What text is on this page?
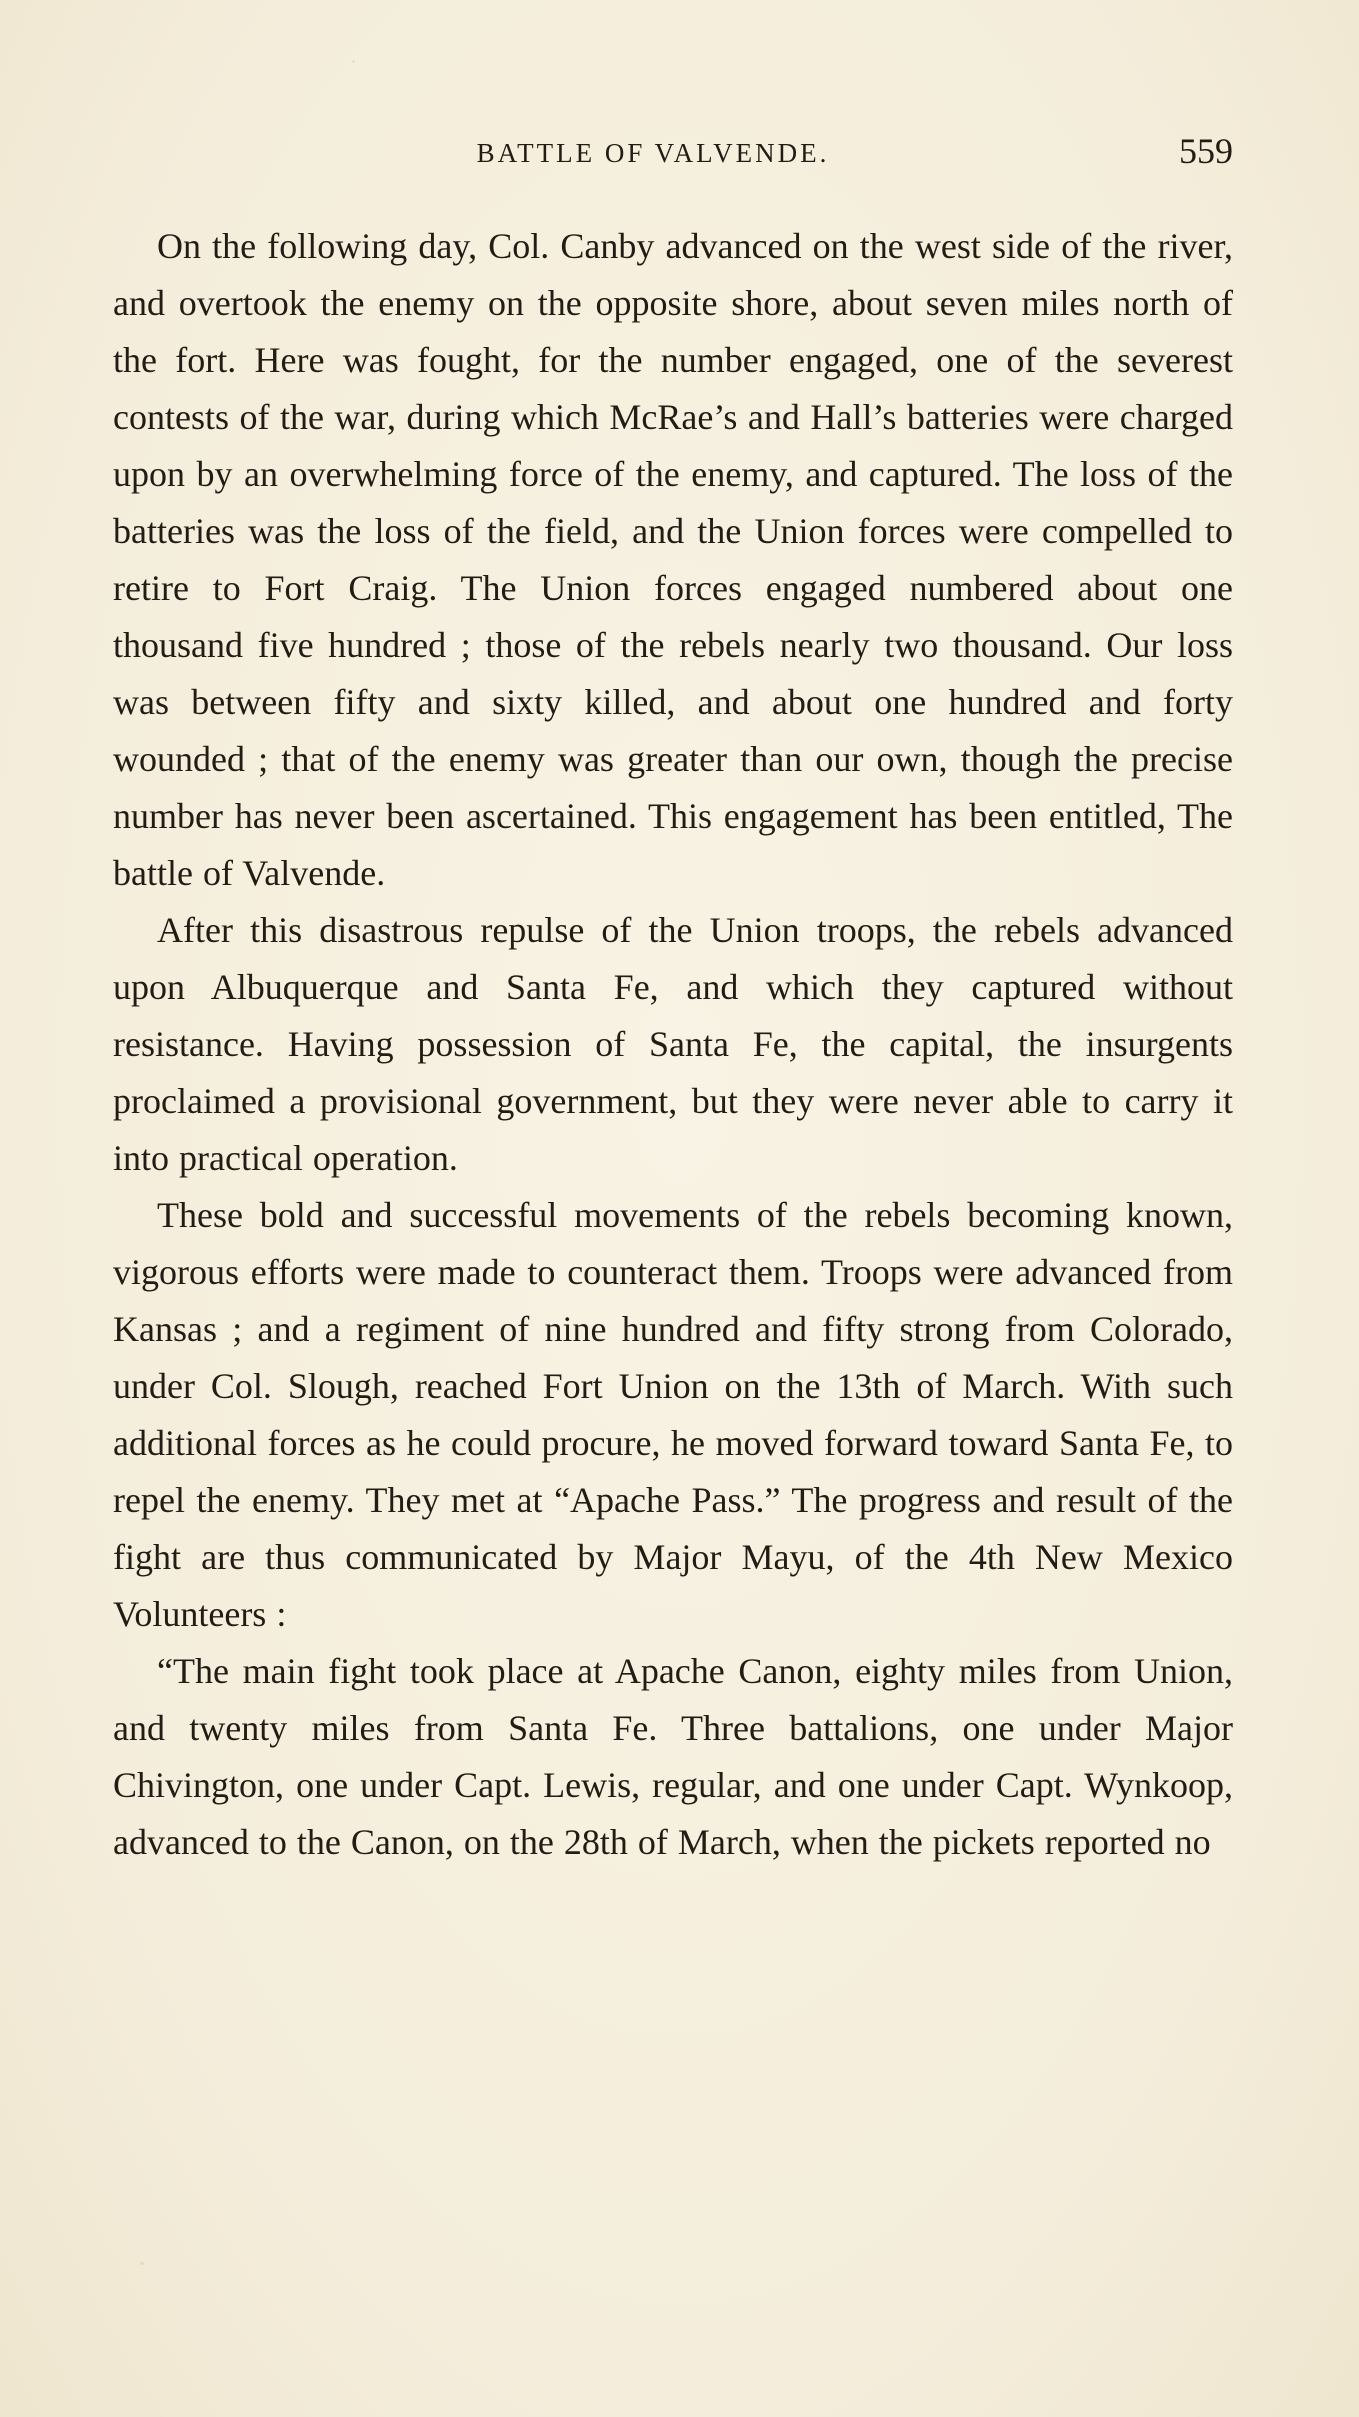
BATTLE OF VALVENDE.	559

On the following day, Col. Canby advanced on the west side of the river, and overtook the enemy on the opposite shore, about seven miles north of the fort. Here was fought, for the number engaged, one of the severest contests of the war, during which McRae’s and Hall’s batteries were charged upon by an overwhelming force of the enemy, and captured. The loss of the batteries was the loss of the field, and the Union forces were compelled to retire to Fort Craig. The Union forces engaged numbered about one thousand five hundred ; those of the rebels nearly two thousand. Our loss was between fifty and sixty killed, and about one hundred and forty wounded ; that of the enemy was greater than our own, though the precise number has never been ascertained. This engagement has been entitled, The battle of Valvende.

After this disastrous repulse of the Union troops, the rebels advanced upon Albuquerque and Santa Fe, and which they captured without resistance. Having possession of Santa Fe, the capital, the insurgents proclaimed a provisional government, but they were never able to carry it into practical operation.

These bold and successful movements of the rebels becoming known, vigorous efforts were made to counteract them. Troops were advanced from Kansas ; and a regiment of nine hundred and fifty strong from Colorado, under Col. Slough, reached Fort Union on the 13th of March. With such additional forces as he could procure, he moved forward toward Santa Fe, to repel the enemy. They met at “Apache Pass.” The progress and result of the fight are thus communicated by Major Mayu, of the 4th New Mexico Volunteers :

“The main fight took place at Apache Canon, eighty miles from Union, and twenty miles from Santa Fe. Three battalions, one under Major Chivington, one under Capt. Lewis, regular, and one under Capt. Wynkoop, advanced to the Canon, on the 28th of March, when the pickets reported no
